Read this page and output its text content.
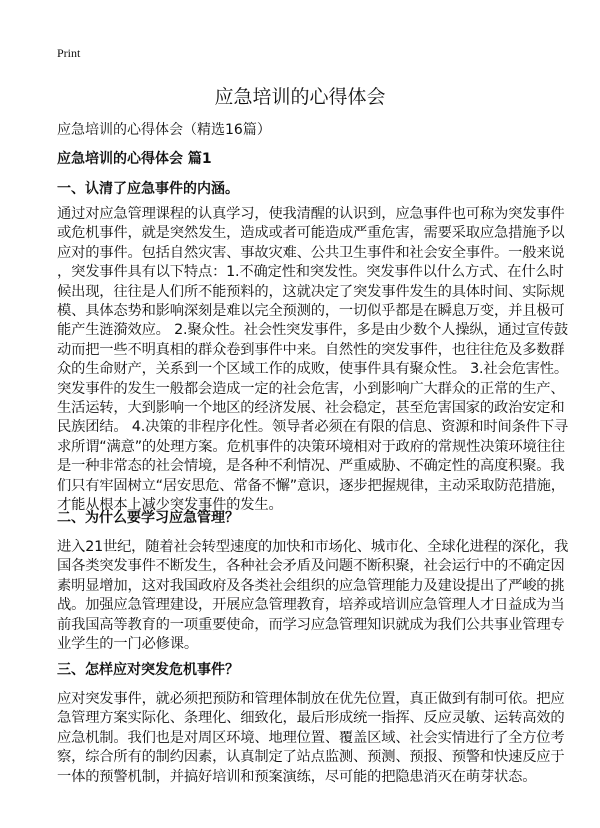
Print
应急培训的心得体会
应急培训的心得体会（精选16篇）
应急培训的心得体会 篇1
一、认清了应急事件的内涵。
通过对应急管理课程的认真学习，使我清醒的认识到，应急事件也可称为突发事件
或危机事件，就是突然发生，造成或者可能造成严重危害，需要采取应急措施予以
应对的事件。包括自然灾害、事故灾难、公共卫生事件和社会安全事件。一般来说
，突发事件具有以下特点：1.不确定性和突发性。突发事件以什么方式、在什么时
候出现，往往是人们所不能预料的，这就决定了突发事件发生的具体时间、实际规
模、具体态势和影响深刻是难以完全预测的，一切似乎都是在瞬息万变，并且极可
能产生涟漪效应。 2.聚众性。社会性突发事件，多是由少数个人操纵，通过宣传鼓
动而把一些不明真相的群众卷到事件中来。自然性的突发事件，也往往危及多数群
众的生命财产，关系到一个区域工作的成败，使事件具有聚众性。 3.社会危害性。
突发事件的发生一般都会造成一定的社会危害，小到影响广大群众的正常的生产、
生活运转，大到影响一个地区的经济发展、社会稳定，甚至危害国家的政治安定和
民族团结。 4.决策的非程序化性。领导者必须在有限的信息、资源和时间条件下寻
求所谓“满意”的处理方案。危机事件的决策环境相对于政府的常规性决策环境往往
是一种非常态的社会情境，是各种不利情况、严重威胁、不确定性的高度积聚。我
们只有牢固树立“居安思危、常备不懈”意识，逐步把握规律，主动采取防范措施，
才能从根本上减少突发事件的发生。
二、为什么要学习应急管理？
进入21世纪，随着社会转型速度的加快和市场化、城市化、全球化进程的深化，我
国各类突发事件不断发生，各种社会矛盾及问题不断积聚，社会运行中的不确定因
素明显增加，这对我国政府及各类社会组织的应急管理能力及建设提出了严峻的挑
战。加强应急管理建设，开展应急管理教育，培养或培训应急管理人才日益成为当
前我国高等教育的一项重要使命，而学习应急管理知识就成为我们公共事业管理专
业学生的一门必修课。
三、怎样应对突发危机事件？
应对突发事件，就必须把预防和管理体制放在优先位置，真正做到有制可依。把应
急管理方案实际化、条理化、细致化，最后形成统一指挥、反应灵敏、运转高效的
应急机制。我们也是对周区环境、地理位置、覆盖区域、社会实情进行了全方位考
察，综合所有的制约因素，认真制定了站点监测、预测、预报、预警和快速反应于
一体的预警机制，并搞好培训和预案演练，尽可能的把隐患消灭在萌芽状态。
